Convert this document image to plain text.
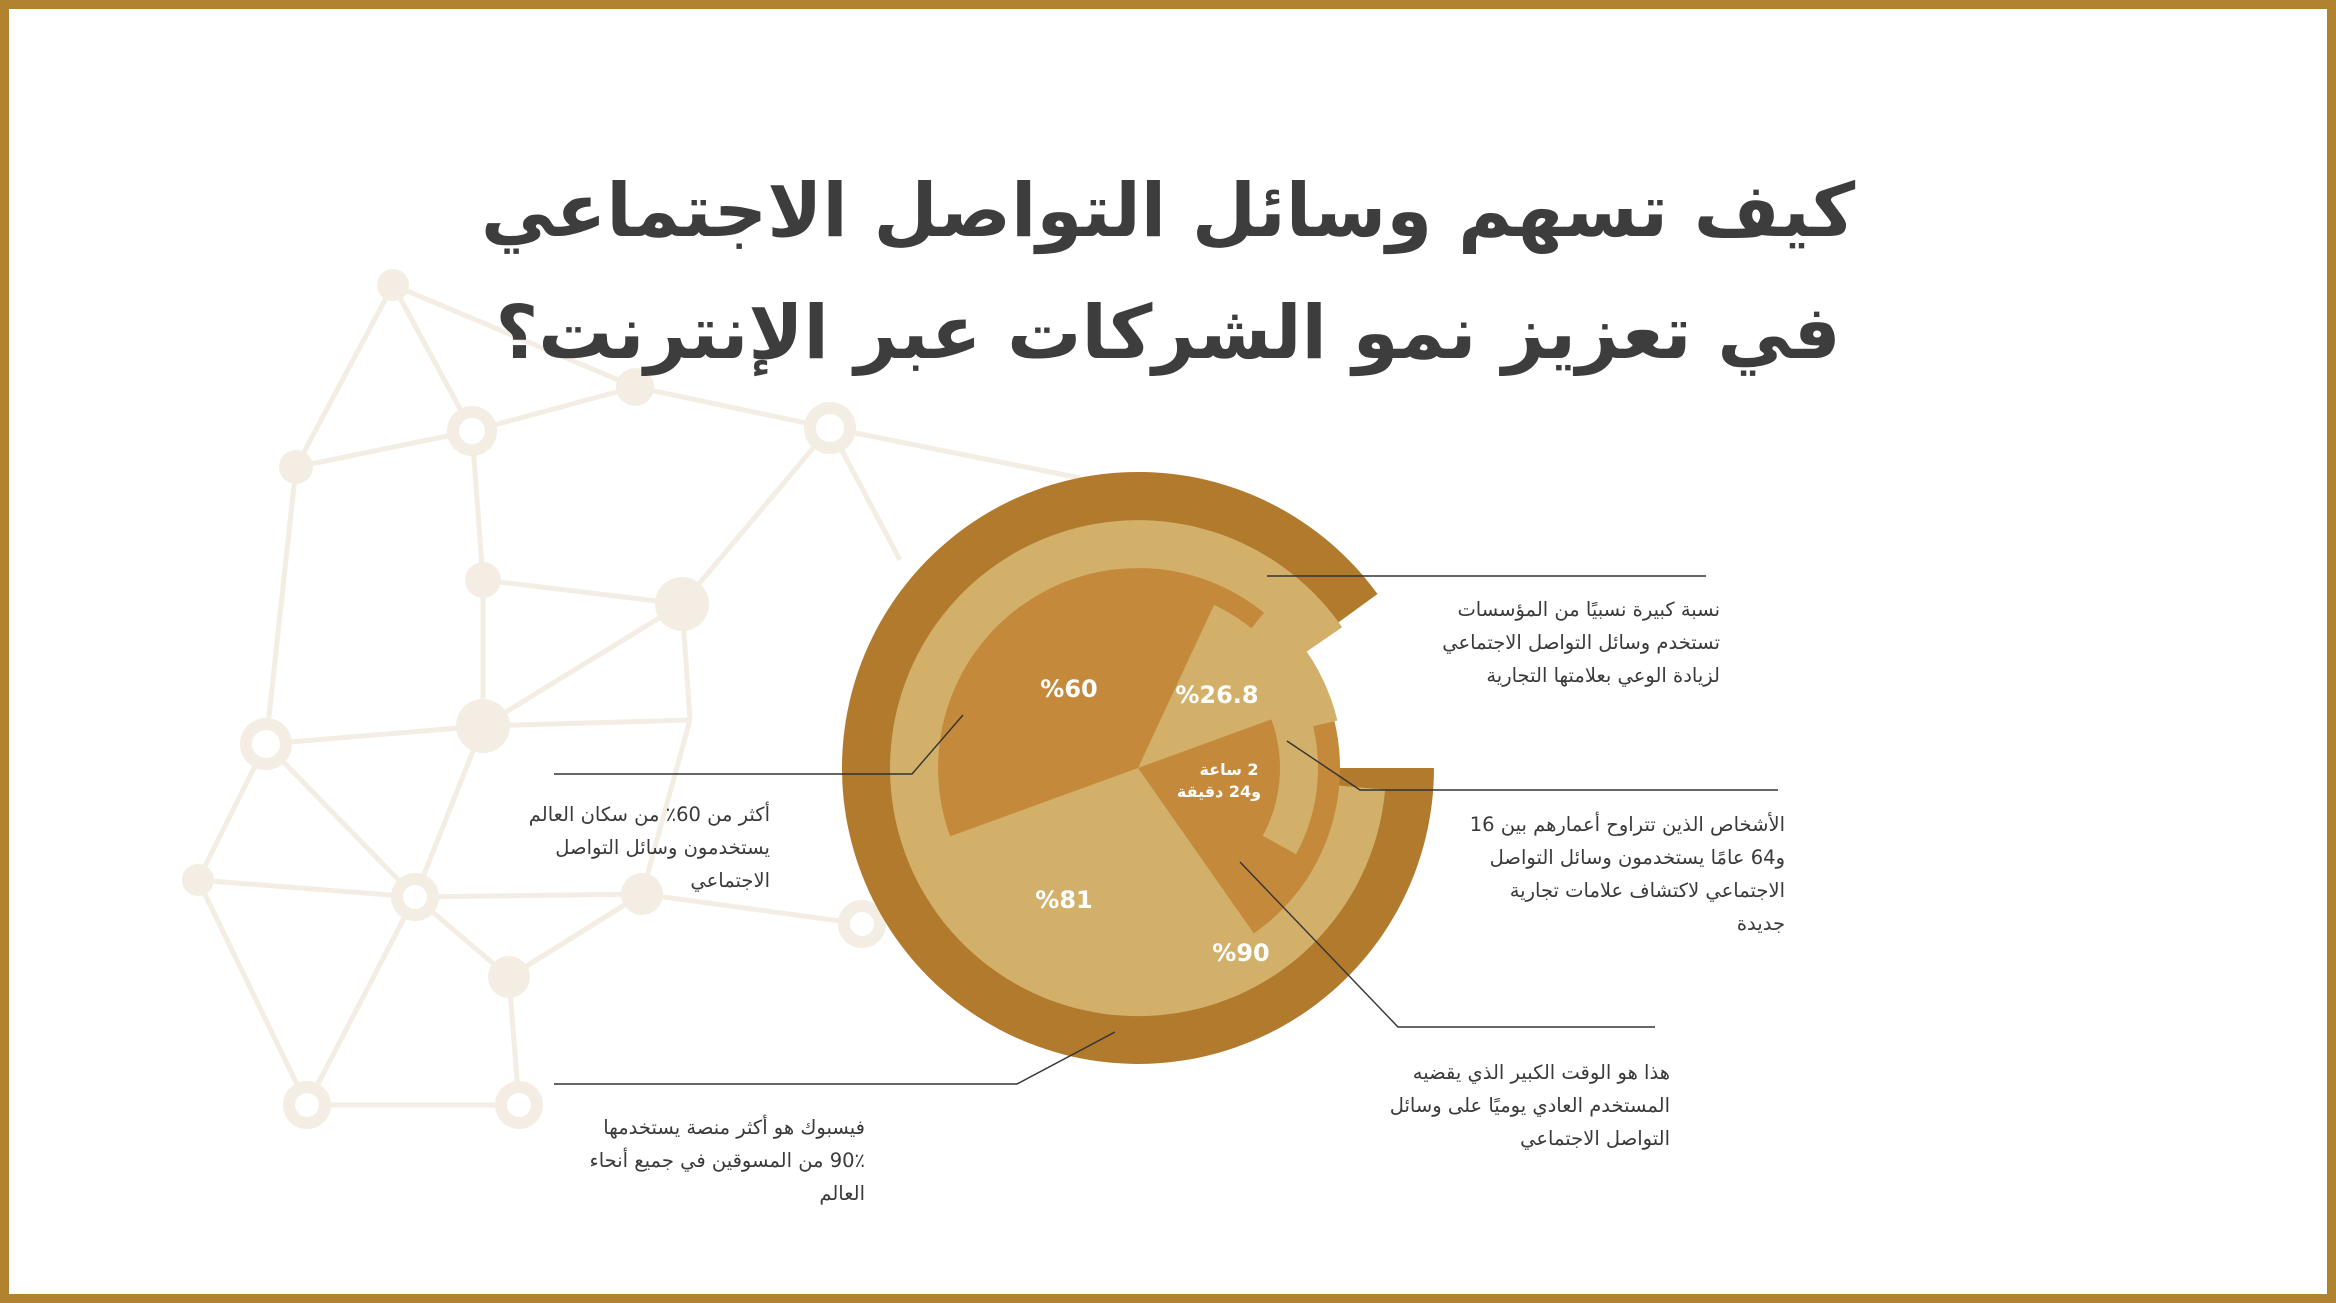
%60	%26.8
%81
%90
2 ساعة
و24 دقيقة
كيف تسهم وسائل التواصل الاجتماعي
في تعزيز نمو الشركات عبر الإنترنت؟
نسبة كبيرة نسبيًا من المؤسسات
تستخدم وسائل التواصل الاجتماعي
لزيادة الوعي بعلامتها التجارية
الأشخاص الذين تتراوح أعمارهم بين 16
و64 عامًا يستخدمون وسائل التواصل
الاجتماعي لاكتشاف علامات تجارية
جديدة
هذا هو الوقت الكبير الذي يقضيه
المستخدم العادي يوميًا على وسائل
التواصل الاجتماعي
أكثر من 60٪ من سكان العالم
يستخدمون وسائل التواصل
الاجتماعي
فيسبوك هو أكثر منصة يستخدمها
90٪ من المسوقين في جميع أنحاء
العالم
